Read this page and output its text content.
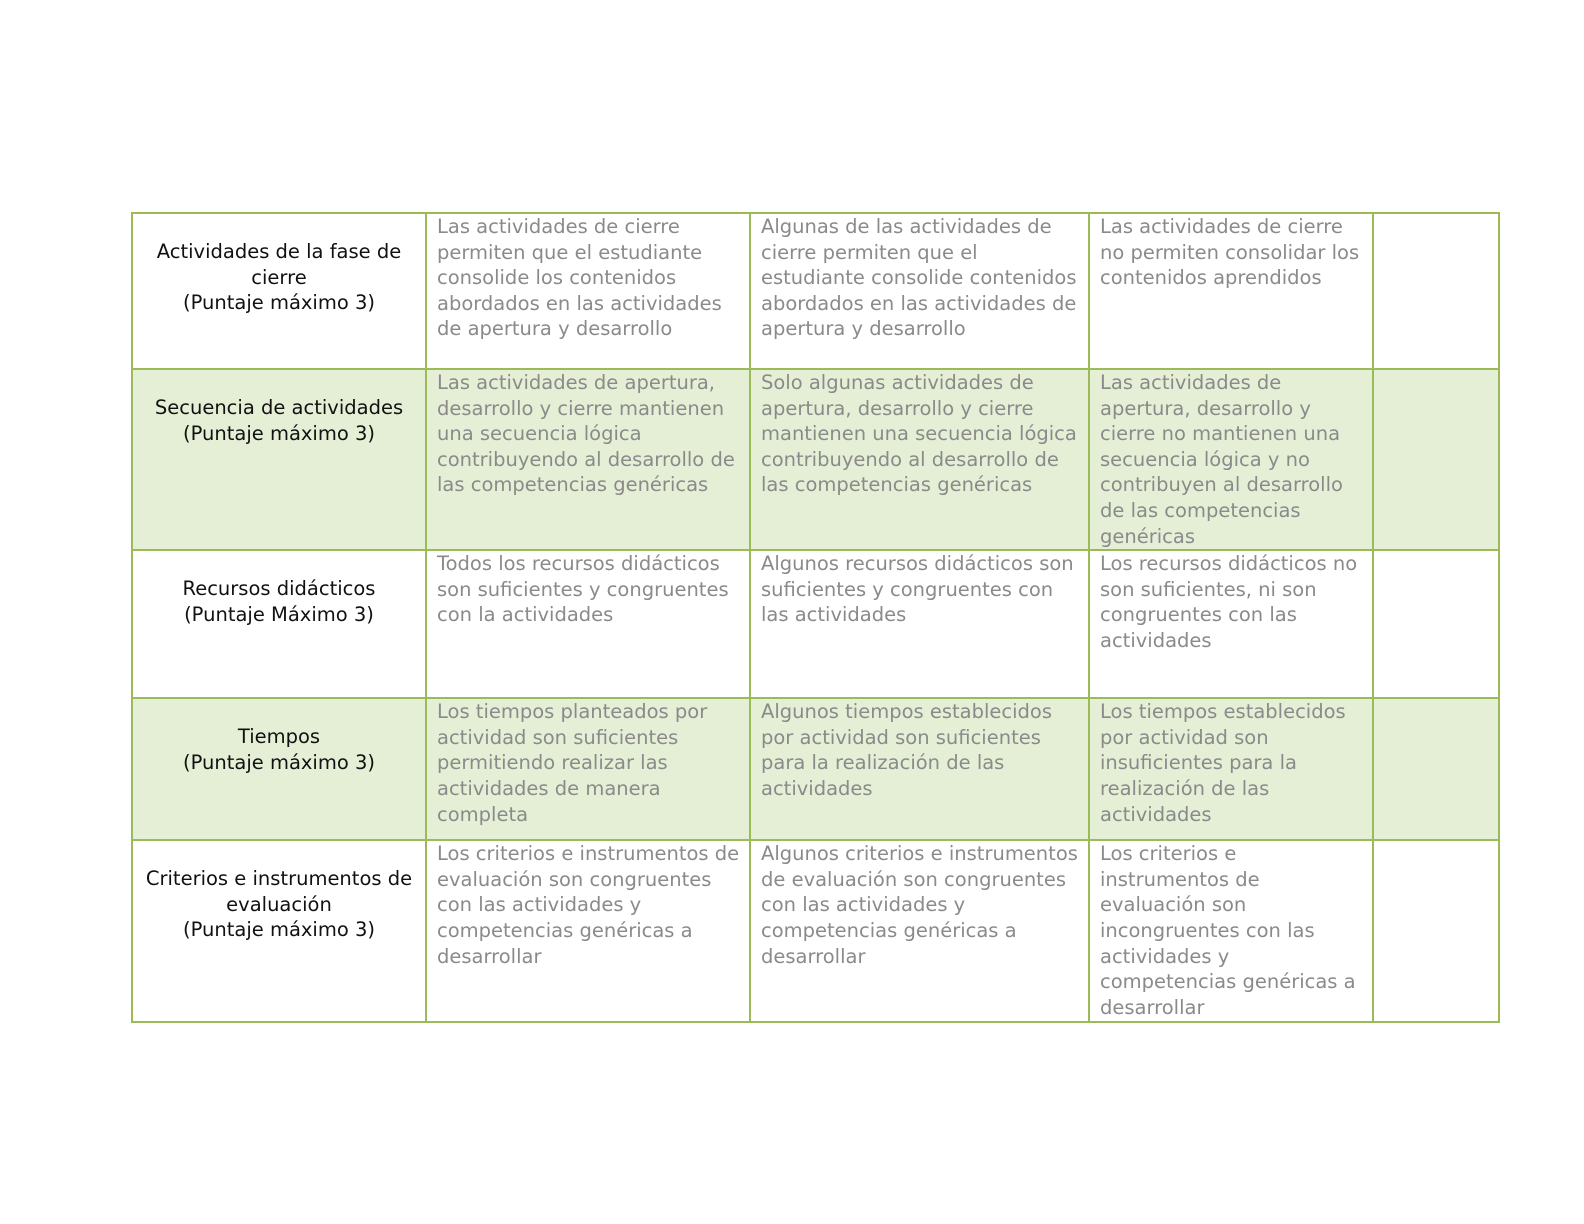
Actividades de la fase de cierre
(Puntaje máximo 3)	Las actividades de cierre permiten que el estudiante consolide los contenidos abordados en las actividades de apertura y desarrollo	Algunas de las actividades de cierre permiten que el estudiante consolide contenidos abordados en las actividades de apertura y desarrollo	Las actividades de cierre no permiten consolidar los contenidos aprendidos	

Secuencia de actividades
(Puntaje máximo 3)	Las actividades de apertura, desarrollo y cierre mantienen una secuencia lógica contribuyendo al desarrollo de las competencias genéricas	Solo algunas actividades de apertura, desarrollo y cierre mantienen una secuencia lógica contribuyendo al desarrollo de las competencias genéricas	Las actividades de apertura, desarrollo y cierre no mantienen una secuencia lógica y no contribuyen al desarrollo de las competencias genéricas	

Recursos didácticos
(Puntaje Máximo 3)	Todos los recursos didácticos son suficientes y congruentes con la actividades	Algunos recursos didácticos son suficientes y congruentes con las actividades	Los recursos didácticos no son suficientes, ni son congruentes con las actividades	

Tiempos
(Puntaje máximo 3)	Los tiempos planteados por actividad son suficientes permitiendo realizar las actividades de manera completa	Algunos tiempos establecidos por actividad son suficientes para la realización de las actividades	Los tiempos establecidos por actividad son insuficientes para la realización de las actividades	

Criterios e instrumentos de evaluación
(Puntaje máximo 3)	Los criterios e instrumentos de evaluación son congruentes con las actividades y competencias genéricas a desarrollar	Algunos criterios e instrumentos de evaluación son congruentes con las actividades y competencias genéricas a desarrollar	Los criterios e instrumentos de evaluación son incongruentes con las actividades y competencias genéricas a desarrollar	
